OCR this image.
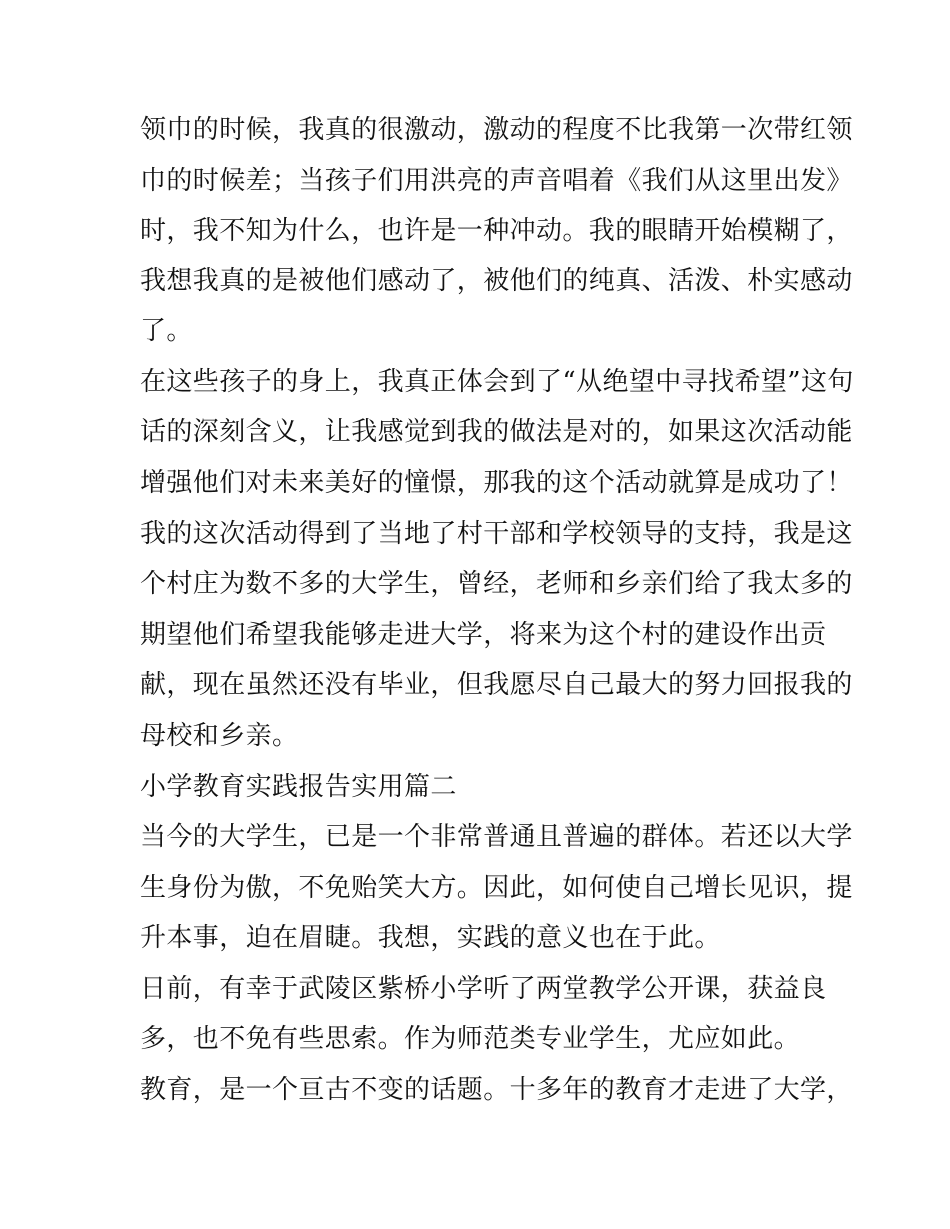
领巾的时候，我真的很激动，激动的程度不比我第一次带红领
巾的时候差；当孩子们用洪亮的声音唱着《我们从这里出发》
时，我不知为什么，也许是一种冲动。我的眼睛开始模糊了，
我想我真的是被他们感动了，被他们的纯真、活泼、朴实感动
了。
在这些孩子的身上，我真正体会到了“从绝望中寻找希望”这句
话的深刻含义，让我感觉到我的做法是对的，如果这次活动能
增强他们对未来美好的憧憬，那我的这个活动就算是成功了！
我的这次活动得到了当地了村干部和学校领导的支持，我是这
个村庄为数不多的大学生，曾经，老师和乡亲们给了我太多的
期望他们希望我能够走进大学，将来为这个村的建设作出贡
献，现在虽然还没有毕业，但我愿尽自己最大的努力回报我的
母校和乡亲。
小学教育实践报告实用篇二
当今的大学生，已是一个非常普通且普遍的群体。若还以大学
生身份为傲，不免贻笑大方。因此，如何使自己增长见识，提
升本事，迫在眉睫。我想，实践的意义也在于此。
日前，有幸于武陵区紫桥小学听了两堂教学公开课，获益良
多，也不免有些思索。作为师范类专业学生，尤应如此。
教育，是一个亘古不变的话题。十多年的教育才走进了大学，
